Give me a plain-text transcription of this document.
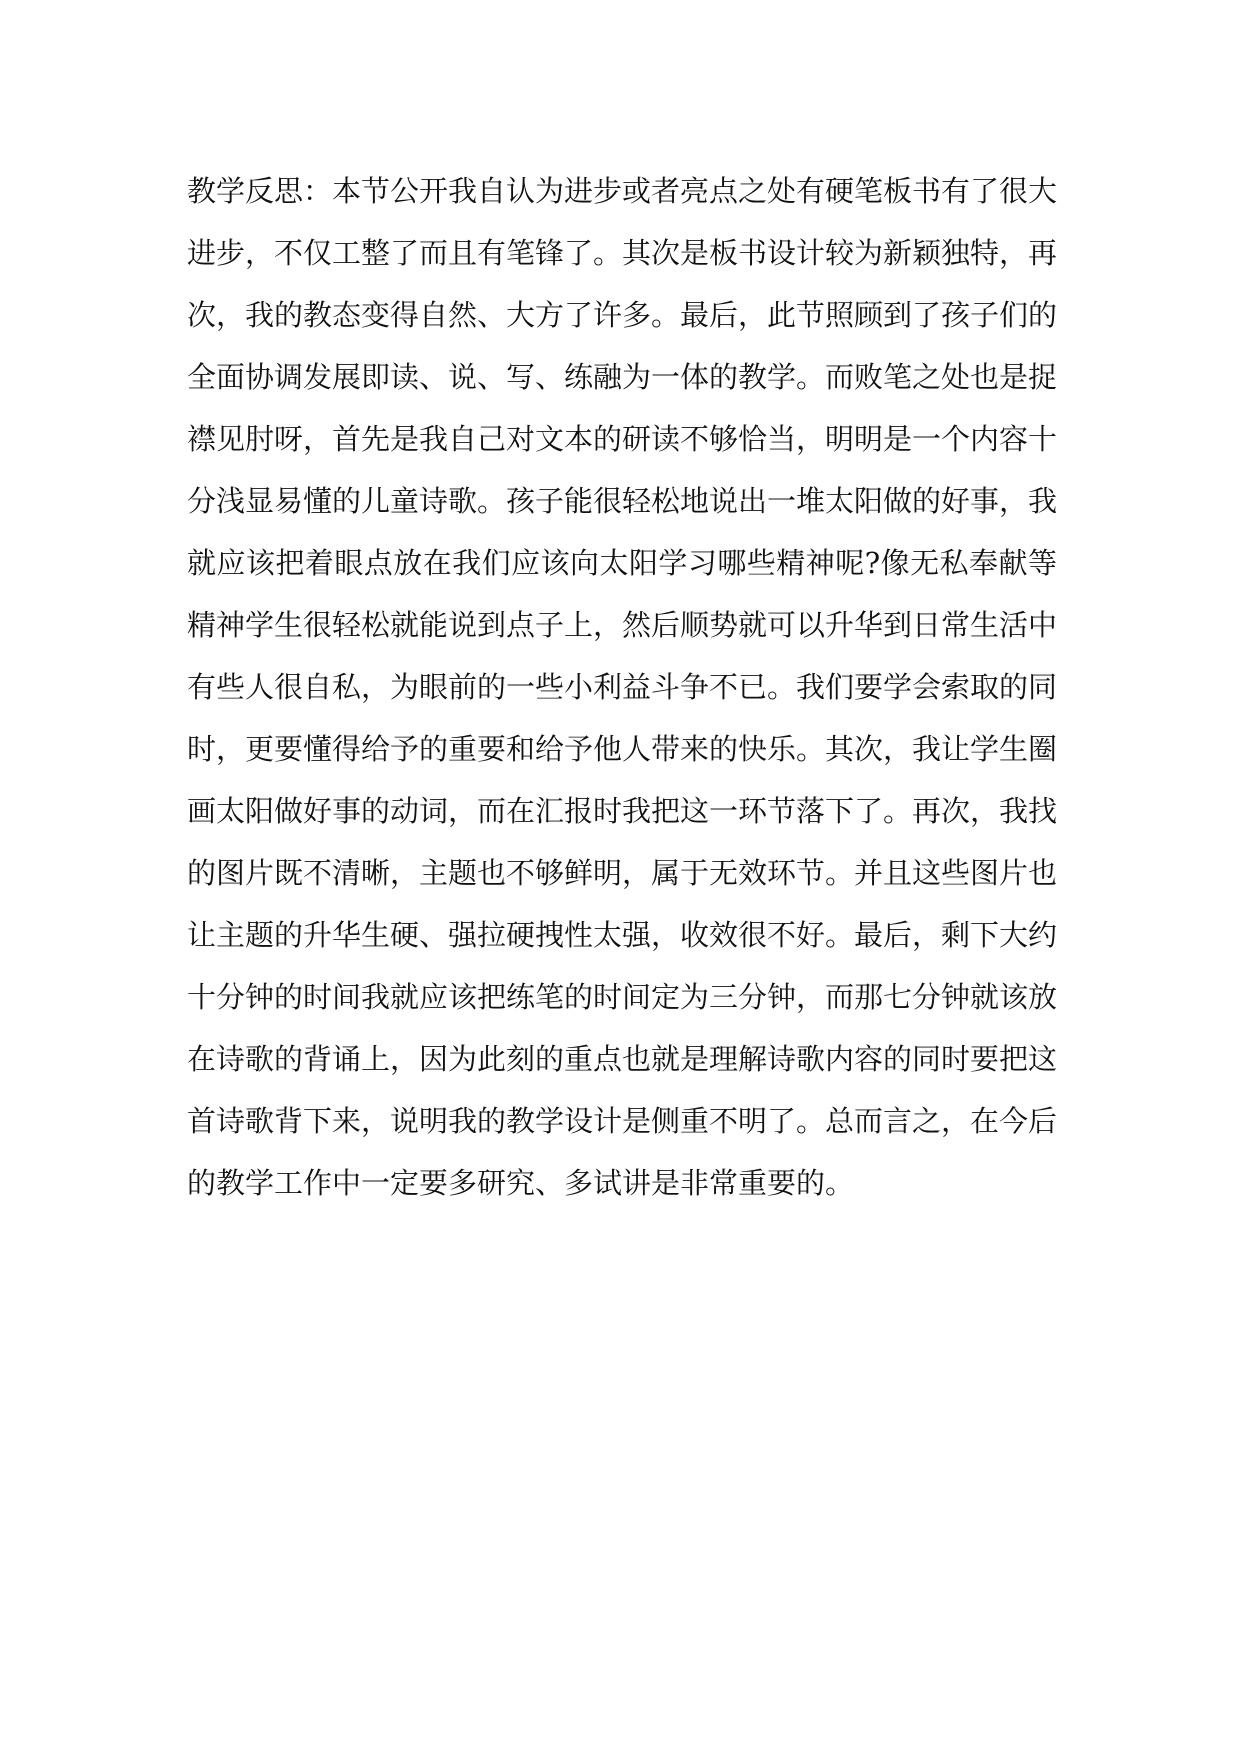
教学反思：本节公开我自认为进步或者亮点之处有硬笔板书有了很大
进步，不仅工整了而且有笔锋了。其次是板书设计较为新颖独特，再
次，我的教态变得自然、大方了许多。最后，此节照顾到了孩子们的
全面协调发展即读、说、写、练融为一体的教学。而败笔之处也是捉
襟见肘呀，首先是我自己对文本的研读不够恰当，明明是一个内容十
分浅显易懂的儿童诗歌。孩子能很轻松地说出一堆太阳做的好事，我
就应该把着眼点放在我们应该向太阳学习哪些精神呢?像无私奉献等
精神学生很轻松就能说到点子上，然后顺势就可以升华到日常生活中
有些人很自私，为眼前的一些小利益斗争不已。我们要学会索取的同
时，更要懂得给予的重要和给予他人带来的快乐。其次，我让学生圈
画太阳做好事的动词，而在汇报时我把这一环节落下了。再次，我找
的图片既不清晰，主题也不够鲜明，属于无效环节。并且这些图片也
让主题的升华生硬、强拉硬拽性太强，收效很不好。最后，剩下大约
十分钟的时间我就应该把练笔的时间定为三分钟，而那七分钟就该放
在诗歌的背诵上，因为此刻的重点也就是理解诗歌内容的同时要把这
首诗歌背下来，说明我的教学设计是侧重不明了。总而言之，在今后
的教学工作中一定要多研究、多试讲是非常重要的。
